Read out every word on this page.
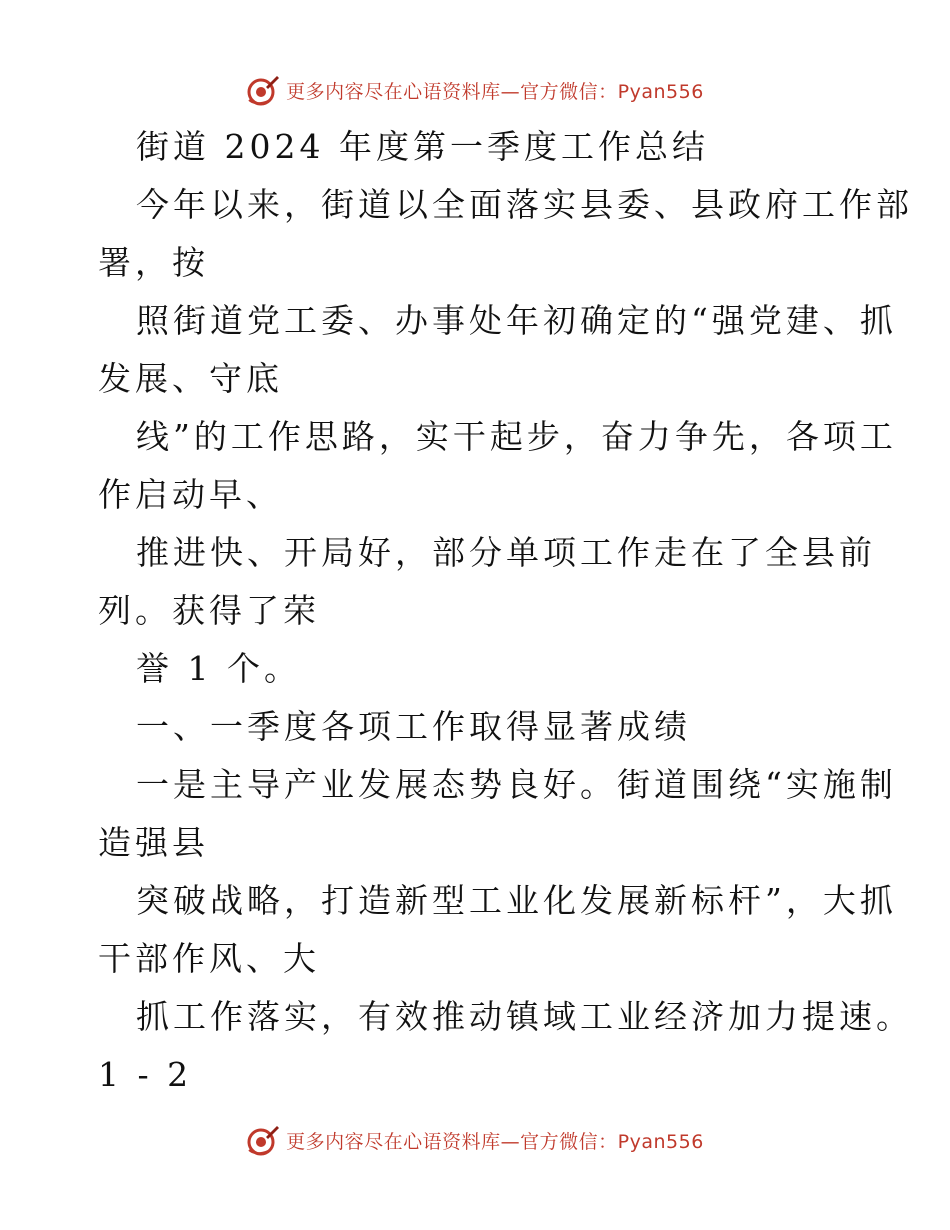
更多内容尽在心语资料库—官方微信：Pyan556
街道 2024 年度第一季度工作总结
今年以来，街道以全面落实县委、县政府工作部
署，按
照街道党工委、办事处年初确定的“强党建、抓
发展、守底
线”的工作思路，实干起步，奋力争先，各项工
作启动早、
推进快、开局好，部分单项工作走在了全县前
列。获得了荣
誉 1 个。
一、一季度各项工作取得显著成绩
一是主导产业发展态势良好。街道围绕“实施制
造强县
突破战略，打造新型工业化发展新标杆”，大抓
干部作风、大
抓工作落实，有效推动镇域工业经济加力提速。
1 - 2
更多内容尽在心语资料库—官方微信：Pyan556
